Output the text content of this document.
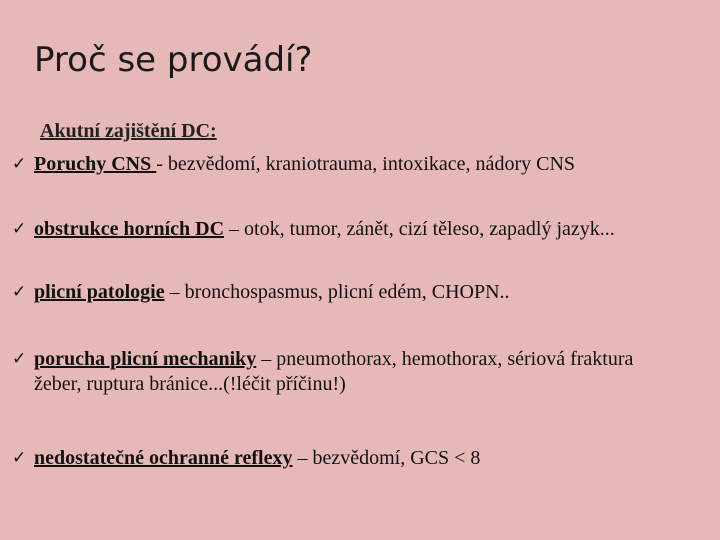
Proč se provádí?
Akutní zajištění DC:
✓ Poruchy CNS - bezvědomí, kraniotrauma, intoxikace, nádory CNS
✓ obstrukce horních DC – otok, tumor, zánět, cizí těleso, zapadlý jazyk...
✓ plicní patologie – bronchospasmus, plicní edém, CHOPN..
✓ porucha plicní mechaniky – pneumothorax, hemothorax, sériová fraktura žeber, ruptura bránice...(!léčit příčinu!)
✓ nedostatečné ochranné reflexy – bezvědomí, GCS < 8
